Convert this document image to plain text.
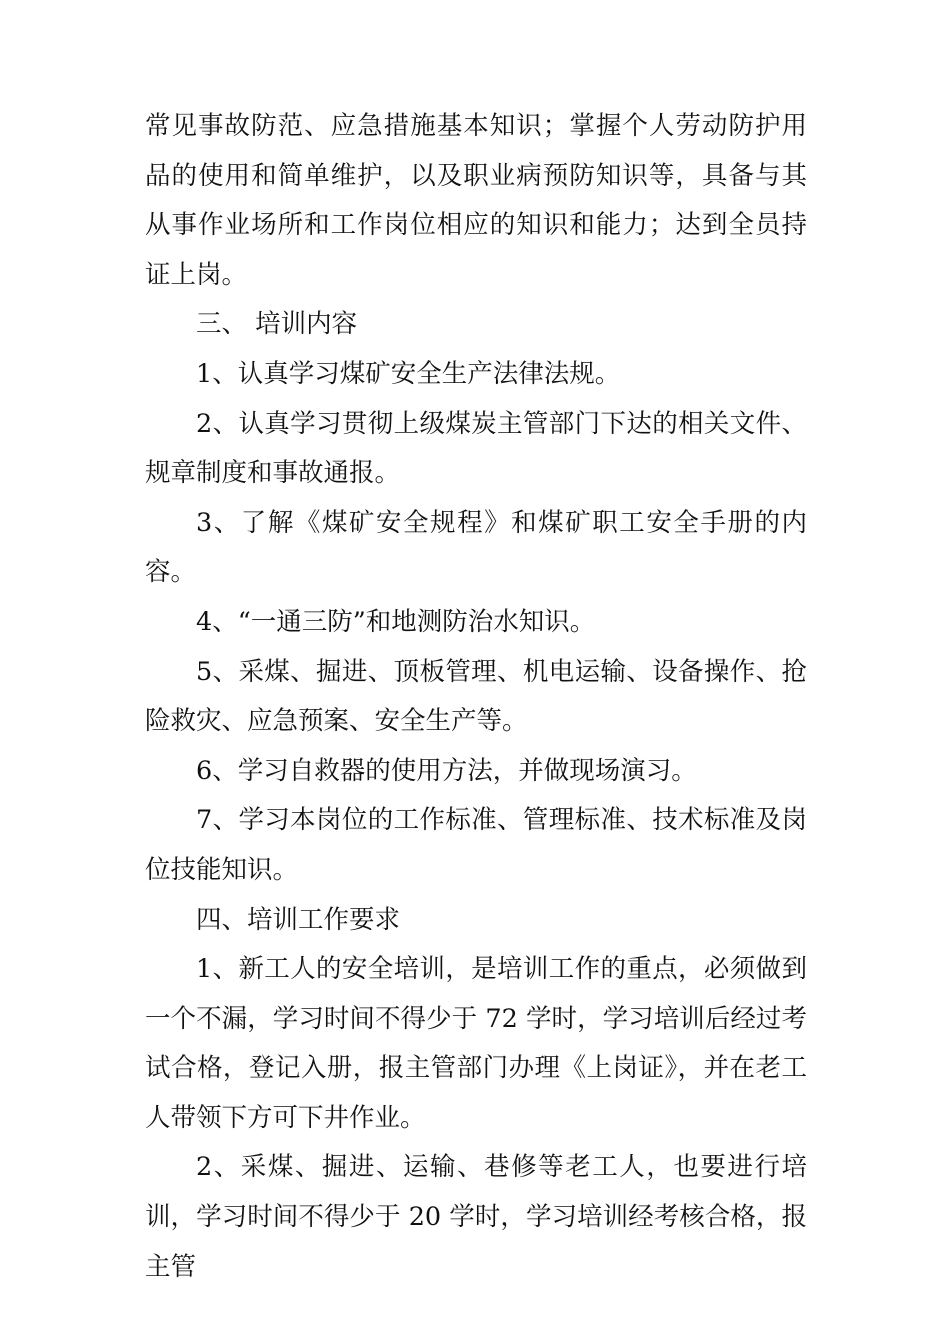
常见事故防范、应急措施基本知识；掌握个人劳动防护用品的使用和简单维护，以及职业病预防知识等，具备与其从事作业场所和工作岗位相应的知识和能力；达到全员持证上岗。

三、 培训内容

1、认真学习煤矿安全生产法律法规。

2、认真学习贯彻上级煤炭主管部门下达的相关文件、规章制度和事故通报。

3、了解《煤矿安全规程》和煤矿职工安全手册的内容。

4、“一通三防”和地测防治水知识。

5、采煤、掘进、顶板管理、机电运输、设备操作、抢险救灾、应急预案、安全生产等。

6、学习自救器的使用方法，并做现场演习。

7、学习本岗位的工作标准、管理标准、技术标准及岗位技能知识。

四、培训工作要求

1、新工人的安全培训，是培训工作的重点，必须做到一个不漏，学习时间不得少于 72 学时，学习培训后经过考试合格，登记入册，报主管部门办理《上岗证》，并在老工人带领下方可下井作业。

2、采煤、掘进、运输、巷修等老工人，也要进行培训，学习时间不得少于 20 学时，学习培训经考核合格，报主管
